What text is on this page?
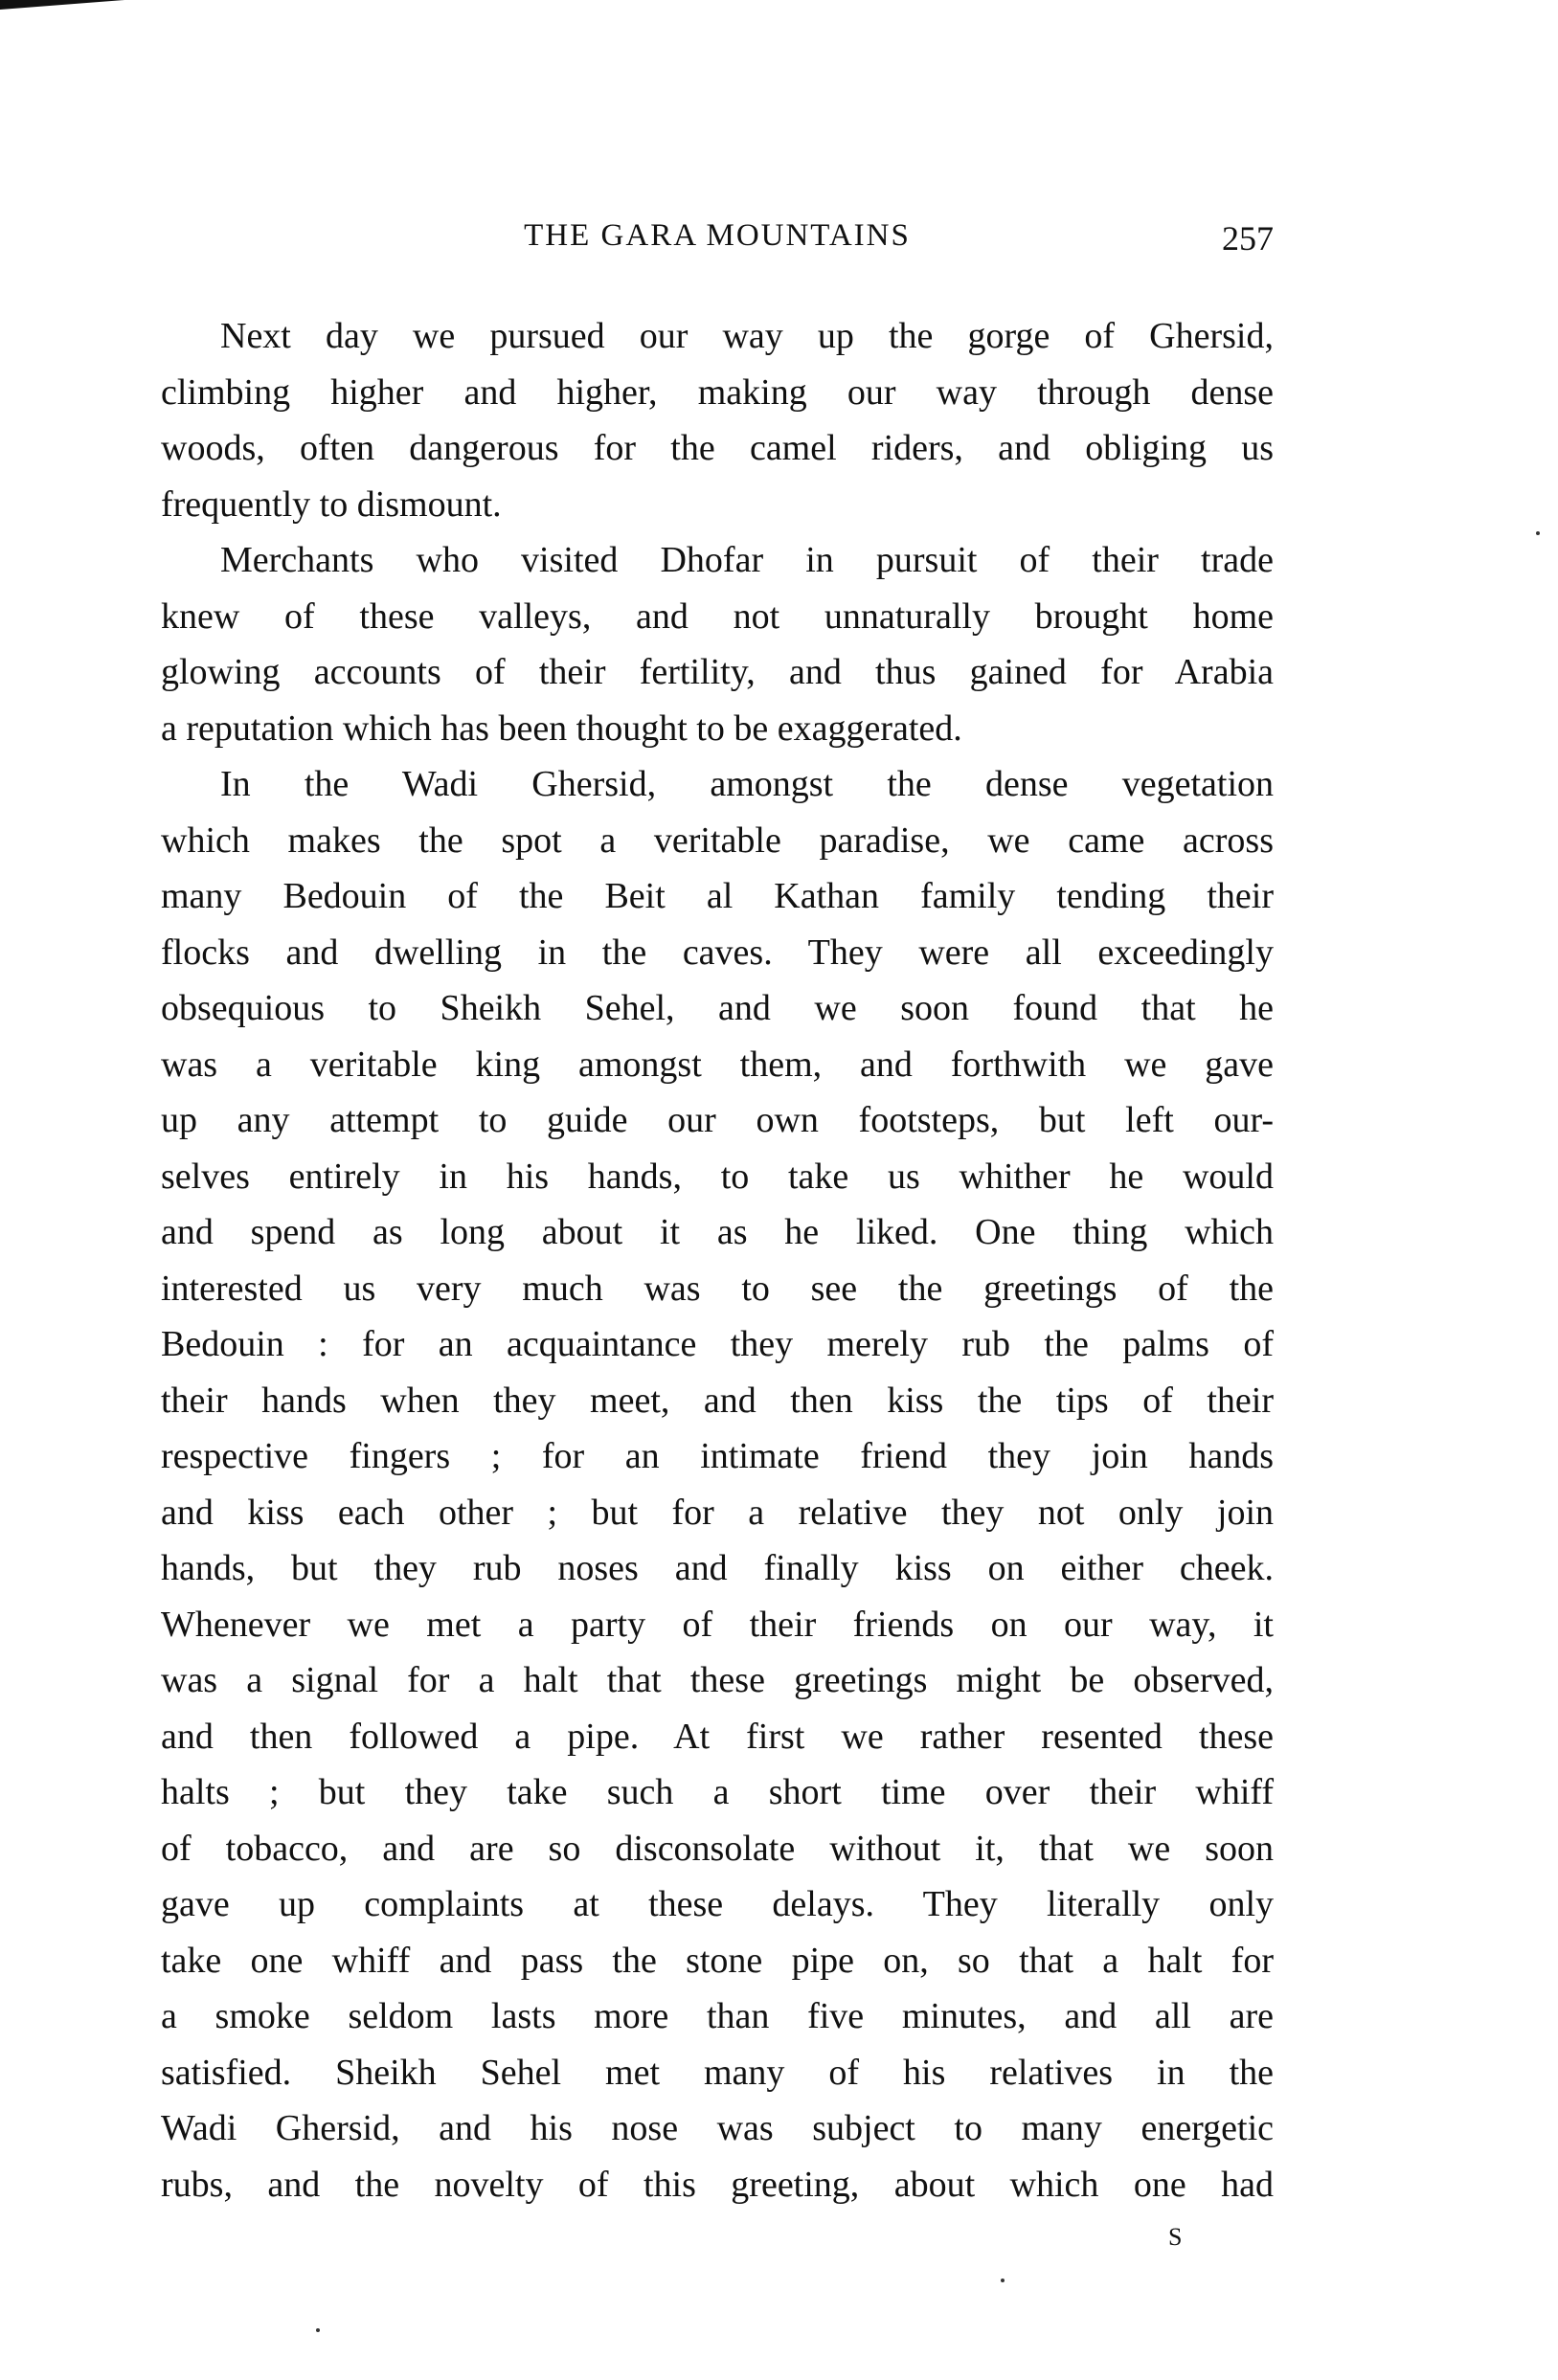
THE GARA MOUNTAINS	257
Next day we pursued our way up the gorge of Ghersid,
climbing higher and higher, making our way through dense
woods, often dangerous for the camel riders, and obliging us
frequently to dismount.
Merchants who visited Dhofar in pursuit of their trade
knew of these valleys, and not unnaturally brought home
glowing accounts of their fertility, and thus gained for Arabia
a reputation which has been thought to be exaggerated.
In the Wadi Ghersid, amongst the dense vegetation
which makes the spot a veritable paradise, we came across
many Bedouin of the Beit al Kathan family tending their
flocks and dwelling in the caves. They were all exceedingly
obsequious to Sheikh Sehel, and we soon found that he
was a veritable king amongst them, and forthwith we gave
up any attempt to guide our own footsteps, but left our-
selves entirely in his hands, to take us whither he would
and spend as long about it as he liked. One thing which
interested us very much was to see the greetings of the
Bedouin : for an acquaintance they merely rub the palms of
their hands when they meet, and then kiss the tips of their
respective fingers ; for an intimate friend they join hands
and kiss each other ; but for a relative they not only join
hands, but they rub noses and finally kiss on either cheek.
Whenever we met a party of their friends on our way, it
was a signal for a halt that these greetings might be observed,
and then followed a pipe. At first we rather resented these
halts ; but they take such a short time over their whiff
of tobacco, and are so disconsolate without it, that we soon
gave up complaints at these delays. They literally only
take one whiff and pass the stone pipe on, so that a halt for
a smoke seldom lasts more than five minutes, and all are
satisfied. Sheikh Sehel met many of his relatives in the
Wadi Ghersid, and his nose was subject to many energetic
rubs, and the novelty of this greeting, about which one had
S
